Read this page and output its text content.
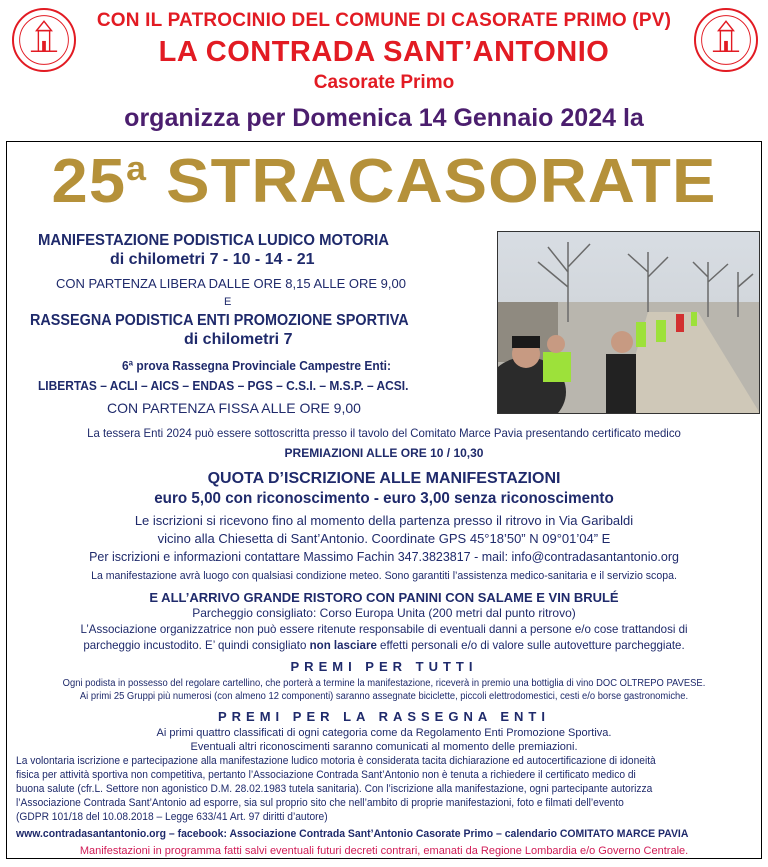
CON IL PATROCINIO DEL COMUNE DI CASORATE PRIMO (PV)
LA CONTRADA SANT’ANTONIO
Casorate Primo
organizza per Domenica 14 Gennaio 2024 la
25$^a$ STRACASORATE
MANIFESTAZIONE PODISTICA LUDICO MOTORIA
di chilometri 7 - 10 - 14 - 21
CON PARTENZA LIBERA DALLE ORE 8,15 ALLE ORE 9,00
E
RASSEGNA PODISTICA ENTI PROMOZIONE SPORTIVA
di chilometri 7
6ª prova Rassegna Provinciale Campestre Enti:
LIBERTAS – ACLI – AICS – ENDAS – PGS – C.S.I. – M.S.P. – ACSI.
CON PARTENZA FISSA ALLE ORE 9,00
La tessera Enti 2024 può essere sottoscritta presso il tavolo del Comitato Marce Pavia presentando certificato medico
PREMIAZIONI ALLE ORE 10 / 10,30
QUOTA D’ISCRIZIONE ALLE MANIFESTAZIONI
euro 5,00 con riconoscimento - euro 3,00 senza riconoscimento
Le iscrizioni si ricevono fino al momento della partenza presso il ritrovo in Via Garibaldi
vicino alla Chiesetta di Sant’Antonio. Coordinate GPS 45°18’50” N 09°01’04” E
Per iscrizioni e informazioni contattare Massimo Fachin 347.3823817 - mail: info@contradasantantonio.org
La manifestazione avrà luogo con qualsiasi condizione meteo. Sono garantiti l’assistenza medico-sanitaria e il servizio scopa.
E ALL’ARRIVO GRANDE RISTORO CON PANINI CON SALAME E VIN BRULÉ
Parcheggio consigliato: Corso Europa Unita (200 metri dal punto ritrovo)
L’Associazione organizzatrice non può essere ritenute responsabile di eventuali danni a persone e/o cose trattandosi di
parcheggio incustodito. E’ quindi consigliato non lasciare effetti personali e/o di valore sulle autovetture parcheggiate.
PREMI PER TUTTI
Ogni podista in possesso del regolare cartellino, che porterà a termine la manifestazione, riceverà in premio una bottiglia di vino DOC OLTREPO PAVESE.
Ai primi 25 Gruppi più numerosi (con almeno 12 componenti) saranno assegnate biciclette, piccoli elettrodomestici, cesti e/o borse gastronomiche.
PREMI PER LA RASSEGNA ENTI
Ai primi quattro classificati di ogni categoria come da Regolamento Enti Promozione Sportiva.
Eventuali altri riconoscimenti saranno comunicati al momento delle premiazioni.
La volontaria iscrizione e partecipazione alla manifestazione ludico motoria è considerata tacita dichiarazione ed autocertificazione di idoneità
fisica per attività sportiva non competitiva, pertanto l’Associazione Contrada Sant’Antonio non è tenuta a richiedere il certificato medico di
buona salute (cfr.L. Settore non agonistico D.M. 28.02.1983 tutela sanitaria). Con l’iscrizione alla manifestazione, ogni partecipante autorizza
l’Associazione Contrada Sant’Antonio ad esporre, sia sul proprio sito che nell’ambito di proprie manifestazioni, foto e filmati dell’evento
(GDPR 101/18 del 10.08.2018 – Legge 633/41 Art. 97 diritti d’autore)
www.contradasantantonio.org – facebook: Associazione Contrada Sant’Antonio Casorate Primo – calendario COMITATO MARCE PAVIA
Manifestazioni in programma fatti salvi eventuali futuri decreti contrari, emanati da Regione Lombardia e/o Governo Centrale.
